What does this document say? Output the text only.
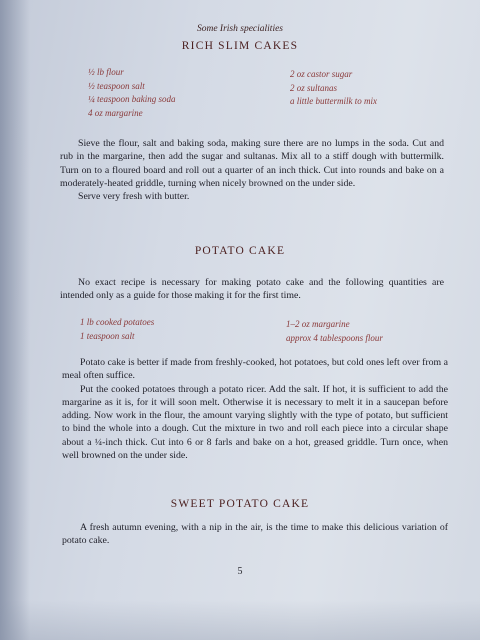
Some Irish specialities
RICH SLIM CAKES
½ lb flour
½ teaspoon salt
¼ teaspoon baking soda
4 oz margarine
2 oz castor sugar
2 oz sultanas
a little buttermilk to mix

Sieve the flour, salt and baking soda, making sure there are no lumps in the soda. Cut and rub in the margarine, then add the sugar and sultanas. Mix all to a stiff dough with buttermilk. Turn on to a floured board and roll out a quarter of an inch thick. Cut into rounds and bake on a moderately-heated griddle, turning when nicely browned on the under side.

Serve very fresh with butter.

POTATO CAKE

No exact recipe is necessary for making potato cake and the following quantities are intended only as a guide for those making it for the first time.

1 lb cooked potatoes
1 teaspoon salt
1–2 oz margarine
approx 4 tablespoons flour

Potato cake is better if made from freshly-cooked, hot potatoes, but cold ones left over from a meal often suffice.

Put the cooked potatoes through a potato ricer. Add the salt. If hot, it is sufficient to add the margarine as it is, for it will soon melt. Otherwise it is necessary to melt it in a saucepan before adding. Now work in the flour, the amount varying slightly with the type of potato, but sufficient to bind the whole into a dough. Cut the mixture in two and roll each piece into a circular shape about a ¼-inch thick. Cut into 6 or 8 farls and bake on a hot, greased griddle. Turn once, when well browned on the under side.

SWEET POTATO CAKE

A fresh autumn evening, with a nip in the air, is the time to make this delicious variation of potato cake.

5
